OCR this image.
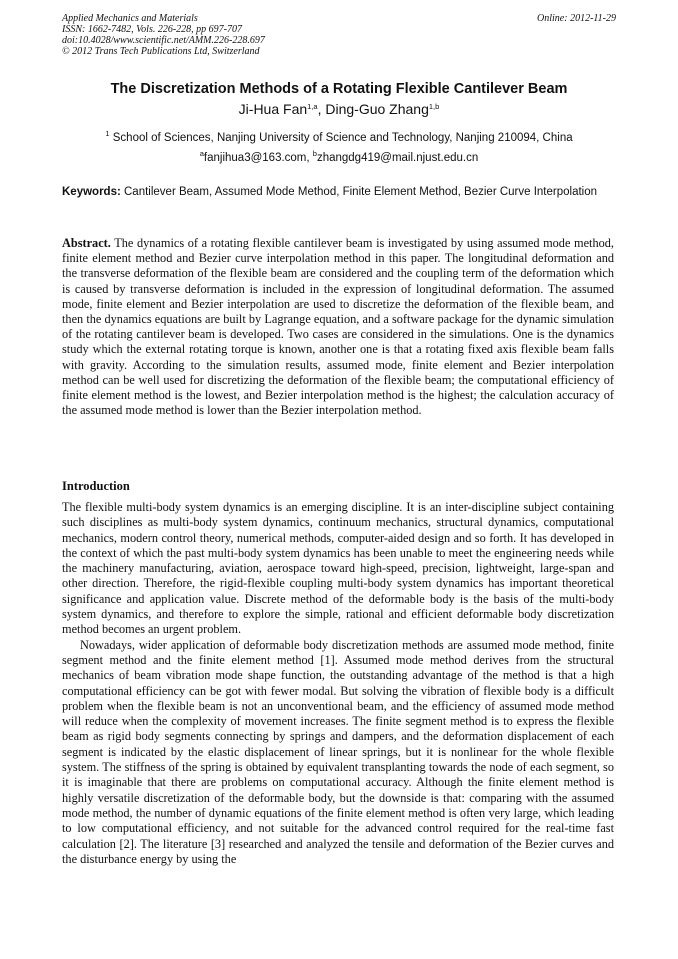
Applied Mechanics and Materials
ISSN: 1662-7482, Vols. 226-228, pp 697-707
doi:10.4028/www.scientific.net/AMM.226-228.697
© 2012 Trans Tech Publications Ltd, Switzerland
Online: 2012-11-29
The Discretization Methods of a Rotating Flexible Cantilever Beam
Ji-Hua Fan$^{1,a}$, Ding-Guo Zhang$^{1,b}$
$^1$ School of Sciences, Nanjing University of Science and Technology, Nanjing 210094, China
$^a$fanjihua3@163.com, $^b$zhangdg419@mail.njust.edu.cn
Keywords: Cantilever Beam, Assumed Mode Method, Finite Element Method, Bezier Curve Interpolation
Abstract. The dynamics of a rotating flexible cantilever beam is investigated by using assumed mode method, finite element method and Bezier curve interpolation method in this paper. The longitudinal deformation and the transverse deformation of the flexible beam are considered and the coupling term of the deformation which is caused by transverse deformation is included in the expression of longitudinal deformation. The assumed mode, finite element and Bezier interpolation are used to discretize the deformation of the flexible beam, and then the dynamics equations are built by Lagrange equation, and a software package for the dynamic simulation of the rotating cantilever beam is developed. Two cases are considered in the simulations. One is the dynamics study which the external rotating torque is known, another one is that a rotating fixed axis flexible beam falls with gravity. According to the simulation results, assumed mode, finite element and Bezier interpolation method can be well used for discretizing the deformation of the flexible beam; the computational efficiency of finite element method is the lowest, and Bezier interpolation method is the highest; the calculation accuracy of the assumed mode method is lower than the Bezier interpolation method.
Introduction

The flexible multi-body system dynamics is an emerging discipline. It is an inter-discipline subject containing such disciplines as multi-body system dynamics, continuum mechanics, structural dynamics, computational mechanics, modern control theory, numerical methods, computer-aided design and so forth. It has developed in the context of which the past multi-body system dynamics has been unable to meet the engineering needs while the machinery manufacturing, aviation, aerospace toward high-speed, precision, lightweight, large-span and other direction. Therefore, the rigid-flexible coupling multi-body system dynamics has important theoretical significance and application value. Discrete method of the deformable body is the basis of the multi-body system dynamics, and therefore to explore the simple, rational and efficient deformable body discretization method becomes an urgent problem.

Nowadays, wider application of deformable body discretization methods are assumed mode method, finite segment method and the finite element method [1]. Assumed mode method derives from the structural mechanics of beam vibration mode shape function, the outstanding advantage of the method is that a high computational efficiency can be got with fewer modal. But solving the vibration of flexible body is a difficult problem when the flexible beam is not an unconventional beam, and the efficiency of assumed mode method will reduce when the complexity of movement increases. The finite segment method is to express the flexible beam as rigid body segments connecting by springs and dampers, and the deformation displacement of each segment is indicated by the elastic displacement of linear springs, but it is nonlinear for the whole flexible system. The stiffness of the spring is obtained by equivalent transplanting towards the node of each segment, so it is imaginable that there are problems on computational accuracy. Although the finite element method is highly versatile discretization of the deformable body, but the downside is that: comparing with the assumed mode method, the number of dynamic equations of the finite element method is often very large, which leading to low computational efficiency, and not suitable for the advanced control required for the real-time fast calculation [2]. The literature [3] researched and analyzed the tensile and deformation of the Bezier curves and the disturbance energy by using the
